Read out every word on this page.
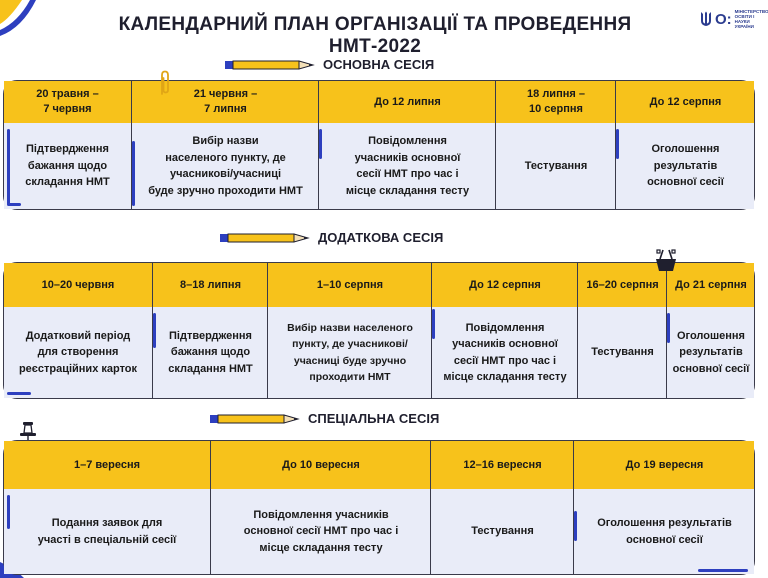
КАЛЕНДАРНИЙ ПЛАН ОРГАНІЗАЦІЇ ТА ПРОВЕДЕННЯ НМТ-2022
О: МІНІСТЕРСТВО ОСВІТИ І НАУКИ УКРАЇНИ
ОСНОВНА СЕСІЯ
20 травня –
7 червня
Підтвердження
бажання щодо
складання НМТ
21 червня –
7 липня
Вибір назви
населеного пункту, де
учасникові/учасниці
буде зручно проходити НМТ
До 12 липня
Повідомлення
учасників основної
сесії НМТ про час і
місце складання тесту
18 липня –
10 серпня
Тестування
До 12 серпня
Оголошення
результатів
основної сесії
ДОДАТКОВА СЕСІЯ
10–20 червня
Додатковий період
для створення
реєстраційних карток
8–18 липня
Підтвердження
бажання щодо
складання НМТ
1–10 серпня
Вибір назви населеного
пункту, де учасникові/
учасниці буде зручно
проходити НМТ
До 12 серпня
Повідомлення
учасників основної
сесії НМТ про час і
місце складання тесту
16–20 серпня
Тестування
До 21 серпня
Оголошення
результатів
основної сесії
СПЕЦІАЛЬНА СЕСІЯ
1–7 вересня
Подання заявок для
участі в спеціальній сесії
До 10 вересня
Повідомлення учасників
основної сесії НМТ про час і
місце складання тесту
12–16 вересня
Тестування
До 19 вересня
Оголошення результатів
основної сесії
